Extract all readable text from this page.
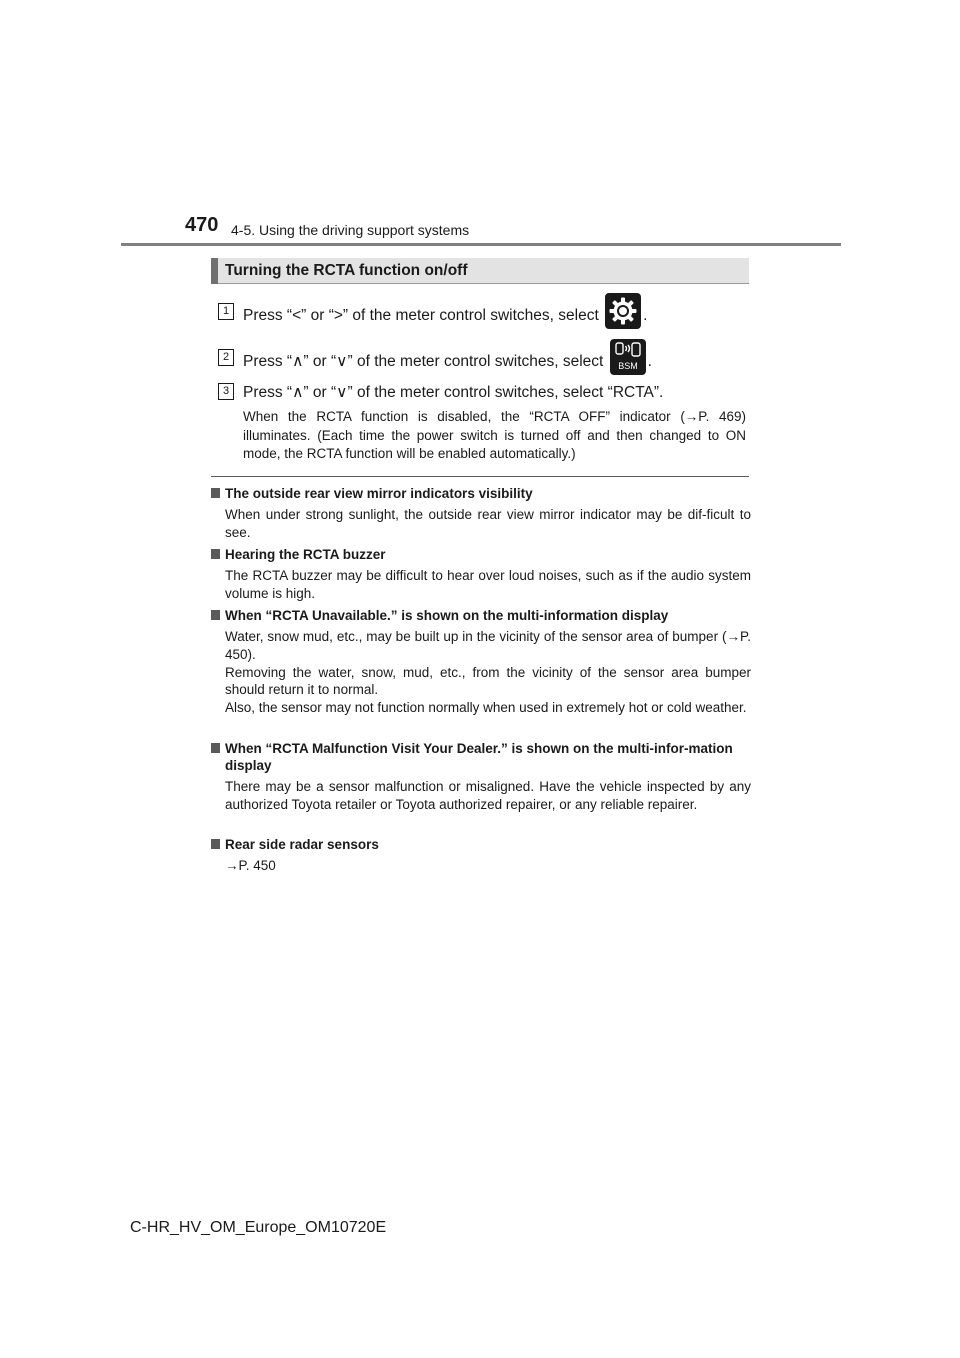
470 4-5. Using the driving support systems
Turning the RCTA function on/off
1 Press “<” or “>” of the meter control switches, select	.
2 Press “∧” or “∨” of the meter control switches, select BSM .
3 Press “∧” or “∨” of the meter control switches, select “RCTA”.
When the RCTA function is disabled, the “RCTA OFF” indicator (→P. 469) illuminates. (Each time the power switch is turned off and then changed to ON mode, the RCTA function will be enabled automatically.)
The outside rear view mirror indicators visibility
When under strong sunlight, the outside rear view mirror indicator may be dif-ficult to see.
Hearing the RCTA buzzer
The RCTA buzzer may be difficult to hear over loud noises, such as if the audio system volume is high.
When “RCTA Unavailable.” is shown on the multi-information display
Water, snow mud, etc., may be built up in the vicinity of the sensor area of bumper (→P. 450).
Removing the water, snow, mud, etc., from the vicinity of the sensor area bumper should return it to normal.
Also, the sensor may not function normally when used in extremely hot or cold weather.
When “RCTA Malfunction Visit Your Dealer.” is shown on the multi-infor-mation display
There may be a sensor malfunction or misaligned. Have the vehicle inspected by any authorized Toyota retailer or Toyota authorized repairer, or any reliable repairer.
Rear side radar sensors
→P. 450
C-HR_HV_OM_Europe_OM10720E
